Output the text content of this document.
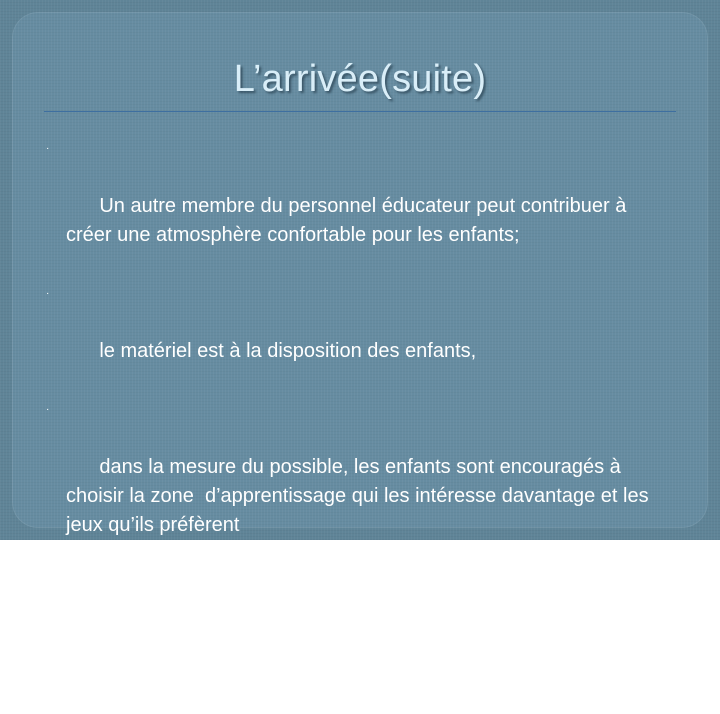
L’arrivée(suite)

·

Un autre membre du personnel éducateur peut contribuer à créer une atmosphère confortable pour les enfants;

·

le matériel est à la disposition des enfants,

·

dans la mesure du possible, les enfants sont encouragés à choisir la zone  d’apprentissage qui les intéresse davantage et les jeux qu’ils préfèrent

·

leur choix de jouer seul ou avec des amis de leur choix  est respecté.
